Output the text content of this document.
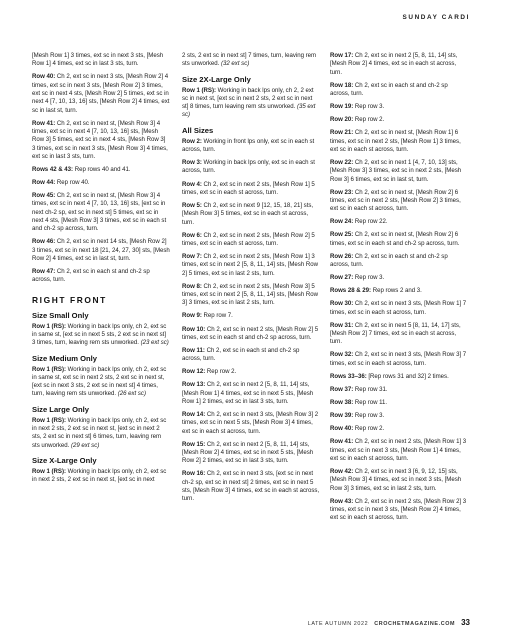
SUNDAY CARDI

[Mesh Row 1] 3 times, ext sc in next 3 sts, [Mesh Row 1] 4 times, ext sc in last 3 sts, turn.

Row 40: Ch 2, ext sc in next 3 sts, [Mesh Row 2] 4 times, ext sc in next 3 sts, [Mesh Row 2] 3 times, ext sc in next 4 sts, [Mesh Row 2] 5 times, ext sc in next 4 [7, 10, 13, 16] sts, [Mesh Row 2] 4 times, ext sc in last st, turn.

Row 41: Ch 2, ext sc in next st, [Mesh Row 3] 4 times, ext sc in next 4 [7, 10, 13, 16] sts, [Mesh Row 3] 5 times, ext sc in next 4 sts, [Mesh Row 3] 3 times, ext sc in next 3 sts, [Mesh Row 3] 4 times, ext sc in last 3 sts, turn.

Rows 42 & 43: Rep rows 40 and 41.

Row 44: Rep row 40.

Row 45: Ch 2, ext sc in next st, [Mesh Row 3] 4 times, ext sc in next 4 [7, 10, 13, 16] sts, [ext sc in next ch-2 sp, ext sc in next st] 5 times, ext sc in next 4 sts, [Mesh Row 3] 3 times, ext sc in each st and ch-2 sp across, turn.

Row 46: Ch 2, ext sc in next 14 sts, [Mesh Row 2] 3 times, ext sc in next 18 [21, 24, 27, 30] sts, [Mesh Row 2] 4 times, ext sc in last st, turn.

Row 47: Ch 2, ext sc in each st and ch-2 sp across, turn.

RIGHT FRONT
Size Small Only

Row 1 (RS): Working in back lps only, ch 2, ext sc in same st, [ext sc in next 5 sts, 2 ext sc in next st] 3 times, turn, leaving rem sts unworked. (23 ext sc)

Size Medium Only

Row 1 (RS): Working in back lps only, ch 2, ext sc in same st, ext sc in next 2 sts, 2 ext sc in next st, [ext sc in next 3 sts, 2 ext sc in next st] 4 times, turn, leaving rem sts unworked. (26 ext sc)

Size Large Only

Row 1 (RS): Working in back lps only, ch 2, ext sc in next 2 sts, 2 ext sc in next st, [ext sc in next 2 sts, 2 ext sc in next st] 6 times, turn, leaving rem sts unworked. (29 ext sc)

Size X-Large Only

Row 1 (RS): Working in back lps only, ch 2, ext sc in next 2 sts, 2 ext sc in next st, [ext sc in next

2 sts, 2 ext sc in next st] 7 times, turn, leaving rem sts unworked. (32 ext sc)

Size 2X-Large Only

Row 1 (RS): Working in back lps only, ch 2, 2 ext sc in next st, [ext sc in next 2 sts, 2 ext sc in next st] 8 times, turn leaving rem sts unworked. (35 ext sc)

All Sizes

Row 2: Working in front lps only, ext sc in each st across, turn.

Row 3: Working in back lps only, ext sc in each st across, turn.

Row 4: Ch 2, ext sc in next 2 sts, [Mesh Row 1] 5 times, ext sc in each st across, turn.

Row 5: Ch 2, ext sc in next 9 [12, 15, 18, 21] sts, [Mesh Row 3] 5 times, ext sc in each st across, turn.

Row 6: Ch 2, ext sc in next 2 sts, [Mesh Row 2] 5 times, ext sc in each st across, turn.

Row 7: Ch 2, ext sc in next 2 sts, [Mesh Row 1] 3 times, ext sc in next 2 [5, 8, 11, 14] sts, [Mesh Row 2] 5 times, ext sc in last 2 sts, turn.

Row 8: Ch 2, ext sc in next 2 sts, [Mesh Row 3] 5 times, ext sc in next 2 [5, 8, 11, 14] sts, [Mesh Row 3] 3 times, ext sc in last 2 sts, turn.

Row 9: Rep row 7.

Row 10: Ch 2, ext sc in next 2 sts, [Mesh Row 2] 5 times, ext sc in each st and ch-2 sp across, turn.

Row 11: Ch 2, ext sc in each st and ch-2 sp across, turn.

Row 12: Rep row 2.

Row 13: Ch 2, ext sc in next 2 [5, 8, 11, 14] sts, [Mesh Row 1] 4 times, ext sc in next 5 sts, [Mesh Row 1] 2 times, ext sc in last 3 sts, turn.

Row 14: Ch 2, ext sc in next 3 sts, [Mesh Row 3] 2 times, ext sc in next 5 sts, [Mesh Row 3] 4 times, ext sc in each st across, turn.

Row 15: Ch 2, ext sc in next 2 [5, 8, 11, 14] sts, [Mesh Row 2] 4 times, ext sc in next 5 sts, [Mesh Row 2] 2 times, ext sc in last 3 sts, turn.

Row 16: Ch 2, ext sc in next 3 sts, [ext sc in next ch-2 sp, ext sc in next st] 2 times, ext sc in next 5 sts, [Mesh Row 3] 4 times, ext sc in each st across, turn.

Row 17: Ch 2, ext sc in next 2 [5, 8, 11, 14] sts, [Mesh Row 2] 4 times, ext sc in each st across, turn.

Row 18: Ch 2, ext sc in each st and ch-2 sp across, turn.

Row 19: Rep row 3.

Row 20: Rep row 2.

Row 21: Ch 2, ext sc in next st, [Mesh Row 1] 6 times, ext sc in next 2 sts, [Mesh Row 1] 3 times, ext sc in each st across, turn.

Row 22: Ch 2, ext sc in next 1 [4, 7, 10, 13] sts, [Mesh Row 3] 3 times, ext sc in next 2 sts, [Mesh Row 3] 6 times, ext sc in last st, turn.

Row 23: Ch 2, ext sc in next st, [Mesh Row 2] 6 times, ext sc in next 2 sts, [Mesh Row 2] 3 times, ext sc in each st across, turn.

Row 24: Rep row 22.

Row 25: Ch 2, ext sc in next st, [Mesh Row 2] 6 times, ext sc in each st and ch-2 sp across, turn.

Row 26: Ch 2, ext sc in each st and ch-2 sp across, turn.

Row 27: Rep row 3.

Rows 28 & 29: Rep rows 2 and 3.

Row 30: Ch 2, ext sc in next 3 sts, [Mesh Row 1] 7 times, ext sc in each st across, turn.

Row 31: Ch 2, ext sc in next 5 [8, 11, 14, 17] sts, [Mesh Row 2] 7 times, ext sc in each st across, turn.

Row 32: Ch 2, ext sc in next 3 sts, [Mesh Row 3] 7 times, ext sc in each st across, turn.

Rows 33–36: [Rep rows 31 and 32] 2 times.

Row 37: Rep row 31.

Row 38: Rep row 11.

Row 39: Rep row 3.

Row 40: Rep row 2.

Row 41: Ch 2, ext sc in next 2 sts, [Mesh Row 1] 3 times, ext sc in next 3 sts, [Mesh Row 1] 4 times, ext sc in each st across, turn.

Row 42: Ch 2, ext sc in next 3 [6, 9, 12, 15] sts, [Mesh Row 3] 4 times, ext sc in next 3 sts, [Mesh Row 3] 3 times, ext sc in last 2 sts, turn.

Row 43: Ch 2, ext sc in next 2 sts, [Mesh Row 2] 3 times, ext sc in next 3 sts, [Mesh Row 2] 4 times, ext sc in each st across, turn.

LATE AUTUMN 2022 CROCHETMAGAZINE.COM 33
